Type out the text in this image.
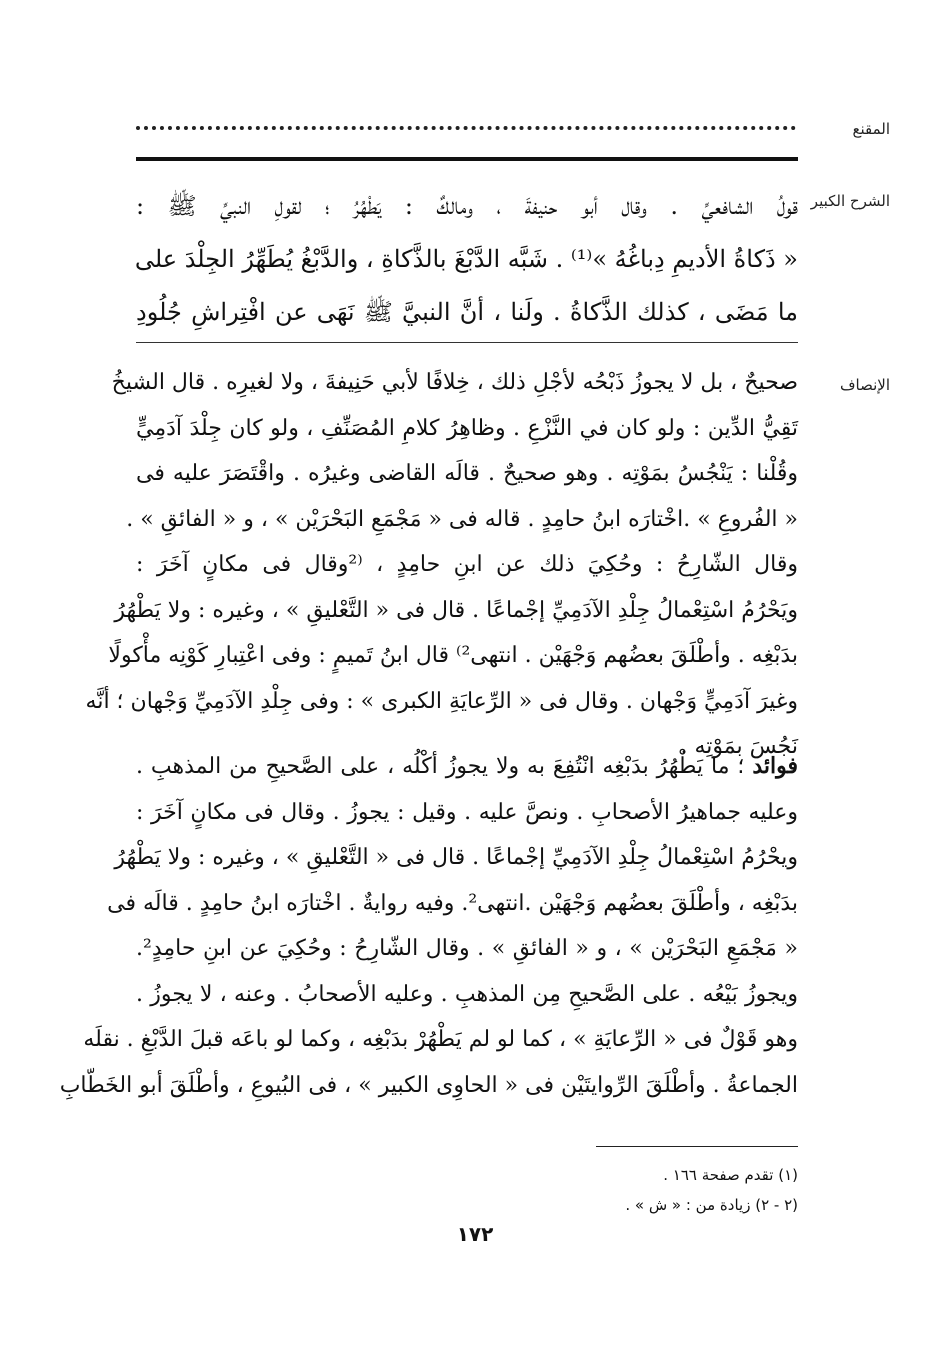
المقنع
الشرح الكبير
قولُ الشافعيِّ . وقال أبو حنيفةَ ، ومالكٌ : يَطْهُرُ ؛ لقولِ النبيِّ ﷺ :
« ذَكاةُ الأديمِ دِباغُهُ »⁽¹⁾ . شَبَّه الدَّبْغَ بالذَّكاةِ ، والدَّبْغُ يُطَهِّرُ الجِلْدَ على
ما مَضَى ، كذلك الذَّكاةُ . ولَنا ، أنَّ النبيَّ ﷺ نَهَى عن افْتِراشِ جُلُودِ
الإنصاف
صحيحٌ ، بل لا يجوزُ ذَبْحُه لأجْلِ ذلك ، خِلافًا لأبي حَنِيفةَ ، ولا لغيرِه . قال الشيخُ
تَقِيُّ الدِّين : ولو كان في النَّزْعِ . وظاهِرُ كلامِ المُصَنِّفِ ، ولو كان جِلْدَ آدَمِيٍّ
وقُلْنا : يَنْجُسُ بمَوْتِه . وهو صحيحٌ . قالَه القاضى وغيرُه . واقْتَصَرَ عليه فى
« الفُروعِ » .اخْتارَه ابنُ حامِدٍ . قاله فى « مَجْمَعِ البَحْرَيْن » ، و « الفائقِ » .
وقال الشّارِحُ : وحُكِيَ ذلك عن ابنِ حامِدٍ ، ⁽²وقال فى مكانٍ آخَرَ :
ويَحْرُمُ اسْتِعْمالُ جِلْدِ الآدَمِيِّ إجْماعًا . قال فى « التَّعْليقِ » ، وغيره : ولا يَطْهُرُ
بدَبْغِه . وأطْلَقَ بعضُهم وَجْهَيْن . انتهى²⁾ قال ابنُ تَميمٍ : وفى اعْتِبارِ كَوْنِه مأْكولًا
وغيرَ آدَمِيٍّ وَجْهان . وقال فى « الرِّعايَةِ الكبرى » : وفى جِلْدِ الآدَمِيِّ وَجْهان ؛ أنَّه
نَجُسَ بمَوْتِه .
فوائد ؛ ما يَطْهُرُ بدَبْغِه انْتُفِعَ به ولا يجوزُ أكْلُه ، على الصَّحيحِ من المذهبِ .
وعليه جماهيرُ الأصحابِ . ونصَّ عليه . وقيل : يجوزُ . وقال فى مكانٍ آخَرَ :
ويحْرُمُ اسْتِعْمالُ جِلْدِ الآدَمِيِّ إجْماعًا . قال فى « التَّعْليقِ » ، وغيره : ولا يَطْهُرُ
بدَبْغِه ، وأطْلَقَ بعضُهم وَجْهَيْن .انتهى². وفيه روايةٌ . اخْتارَه ابنُ حامِدٍ . قالَه فى
« مَجْمَعِ البَحْرَيْن » ، و « الفائقِ » . وقال الشّارِحُ : وحُكِيَ عن ابنِ حامِدٍ².
ويجوزُ بَيْعُه . على الصَّحيحِ مِن المذهبِ . وعليه الأصحابُ . وعنه ، لا يجوزُ .
وهو قَوْلٌ فى « الرِّعايَةِ » ، كما لو لم يَطْهُرْ بدَبْغِه ، وكما لو باعَه قبلَ الدَّبْغِ . نقلَه
الجماعةُ . وأطْلَقَ الرِّوايتَيْن فى « الحاوِى الكبير » ، فى البُيوعِ ، وأطْلَقَ أبو الخَطّابِ
(١) تقدم صفحة ١٦٦ .
(٢ - ٢) زيادة من : « ش » .
١٧٢
